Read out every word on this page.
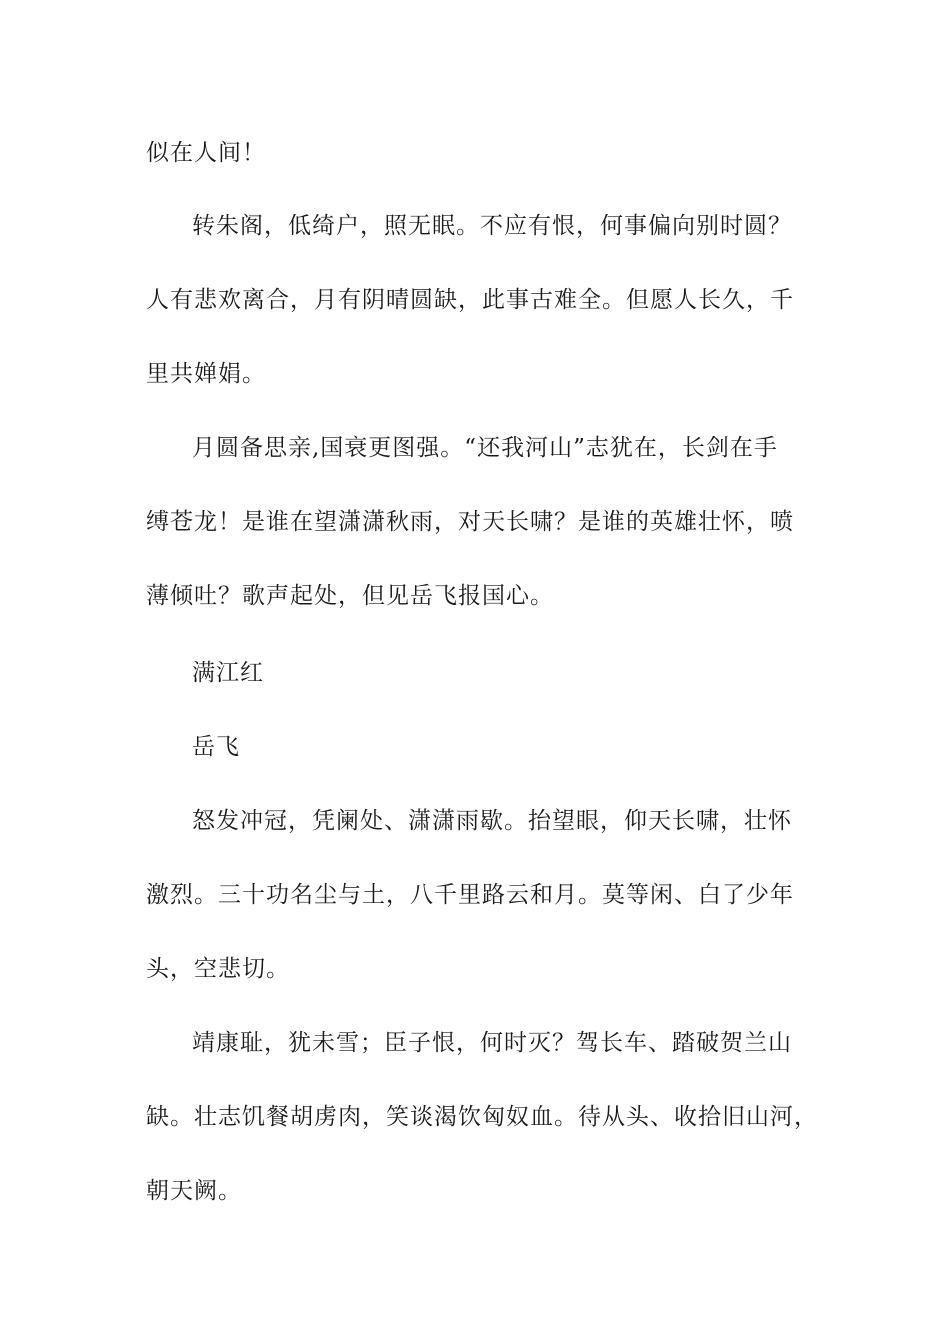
似在人间！
转朱阁，低绮户，照无眠。不应有恨，何事偏向别时圆？
人有悲欢离合，月有阴晴圆缺，此事古难全。但愿人长久，千
里共婵娟。
月圆备思亲,国衰更图强。“还我河山”志犹在，长剑在手
缚苍龙！是谁在望潇潇秋雨，对天长啸？是谁的英雄壮怀，喷
薄倾吐？歌声起处，但见岳飞报国心。
满江红
岳飞
怒发冲冠，凭阑处、潇潇雨歇。抬望眼，仰天长啸，壮怀
激烈。三十功名尘与土，八千里路云和月。莫等闲、白了少年
头，空悲切。
靖康耻，犹未雪；臣子恨，何时灭？驾长车、踏破贺兰山
缺。壮志饥餐胡虏肉，笑谈渴饮匈奴血。待从头、收拾旧山河，
朝天阙。
